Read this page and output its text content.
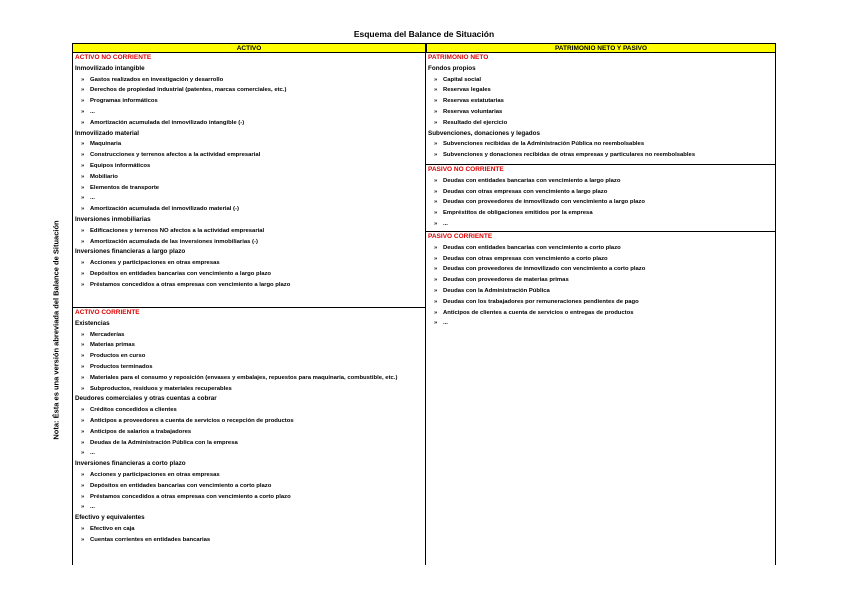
Esquema del Balance de Situación
Nota: Ésta es una versión abreviada del Balance de Situación
ACTIVO	PATRIMONIO NETO Y PASIVO
ACTIVO NO CORRIENTE
Inmovilizado intangible
» Gastos realizados en investigación y desarrollo
» Derechos de propiedad industrial (patentes, marcas comerciales, etc.)
» Programas informáticos
» ...
» Amortización acumulada del inmovilizado intangible (-)
Inmovilizado material
» Maquinaria
» Construcciones y terrenos afectos a la actividad empresarial
» Equipos informáticos
» Mobiliario
» Elementos de transporte
» ...
» Amortización acumulada del inmovilizado material (-)
Inversiones inmobiliarias
» Edificaciones y terrenos NO afectos a la actividad empresarial
» Amortización acumulada de las inversiones inmobiliarias (-)
Inversiones financieras a largo plazo
» Acciones y participaciones en otras empresas
» Depósitos en entidades bancarias con vencimiento a largo plazo
» Préstamos concedidos a otras empresas con vencimiento a largo plazo
ACTIVO CORRIENTE
Existencias
» Mercaderías
» Materias primas
» Productos en curso
» Productos terminados
» Materiales para el consumo y reposición (envases y embalajes, repuestos para maquinaria, combustible, etc.)
» Subproductos, residuos y materiales recuperables
Deudores comerciales y otras cuentas a cobrar
» Créditos concedidos a clientes
» Anticipos a proveedores a cuenta de servicios o recepción de productos
» Anticipos de salarios a trabajadores
» Deudas de la Administración Pública con la empresa
» ...
Inversiones financieras a corto plazo
» Acciones y participaciones en otras empresas
» Depósitos en entidades bancarias con vencimiento a corto plazo
» Préstamos concedidos a otras empresas con vencimiento a corto plazo
» ...
Efectivo y equivalentes
» Efectivo en caja
» Cuentas corrientes en entidades bancarias
PATRIMONIO NETO
Fondos propios
» Capital social
» Reservas legales
» Reservas estatutarias
» Reservas voluntarias
» Resultado del ejercicio
Subvenciones, donaciones y legados
» Subvenciones recibidas de la Administración Pública no reembolsables
» Subvenciones y donaciones recibidas de otras empresas y particulares no reembolsables
PASIVO NO CORRIENTE
» Deudas con entidades bancarias con vencimiento a largo plazo
» Deudas con otras empresas con vencimiento a largo plazo
» Deudas con proveedores de inmovilizado con vencimiento a largo plazo
» Empréstitos de obligaciones emitidos por la empresa
» ...
PASIVO CORRIENTE
» Deudas con entidades bancarias con vencimiento a corto plazo
» Deudas con otras empresas con vencimiento a corto plazo
» Deudas con proveedores de inmovilizado con vencimiento a corto plazo
» Deudas con proveedores de materias primas
» Deudas con la Administración Pública
» Deudas con los trabajadores por remuneraciones pendientes de pago
» Anticipos de clientes a cuenta de servicios o entregas de productos
» ...
